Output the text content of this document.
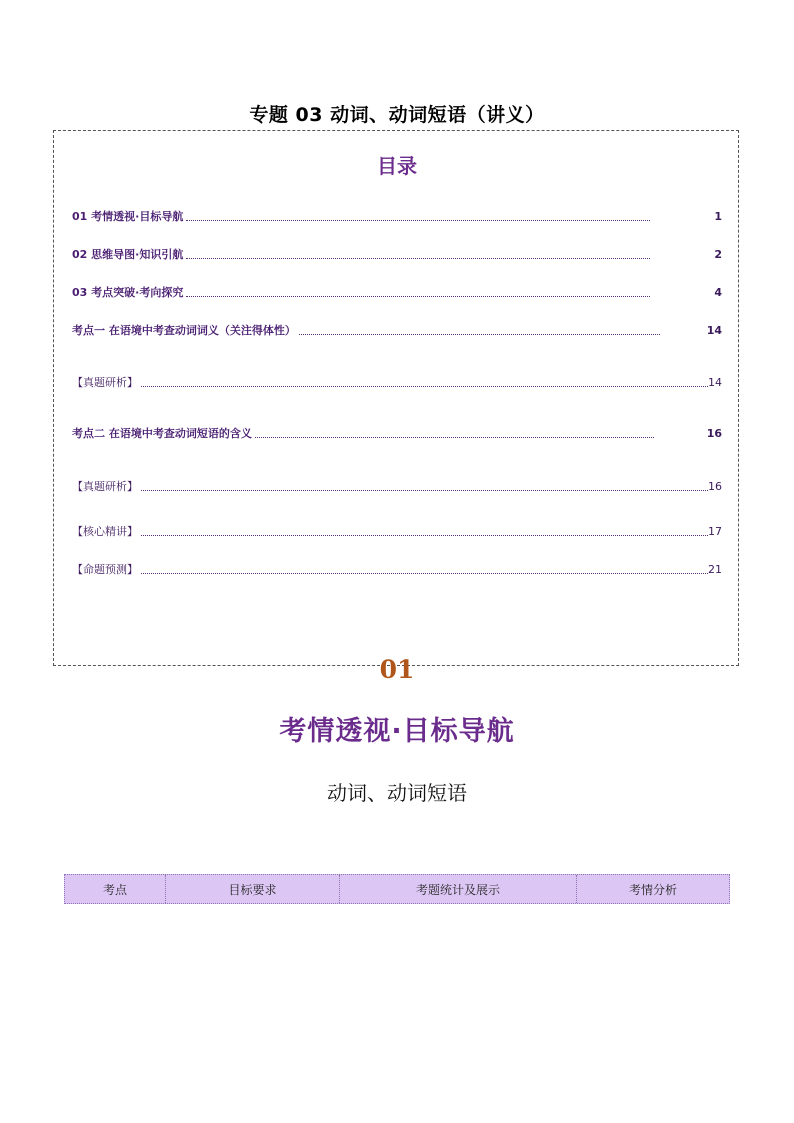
专题 03 动词、动词短语（讲义）
目录
01 考情透视·目标导航	1
02 思维导图·知识引航	2
03 考点突破·考向探究	4
考点一 在语境中考查动词词义（关注得体性）	14
【真题研析】	14
考点二 在语境中考查动词短语的含义	16
【真题研析】	16
【核心精讲】	17
【命题预测】	21
01
考情透视·目标导航
动词、动词短语
考点	目标要求	考题统计及展示	考情分析
